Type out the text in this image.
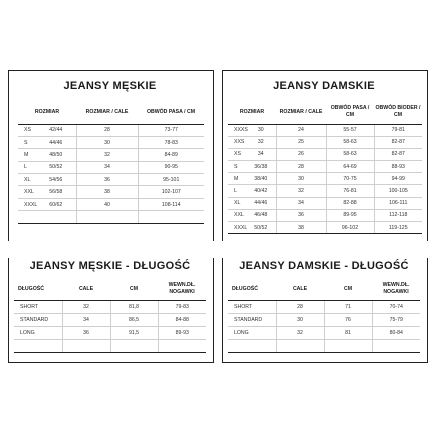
JEANSY MĘSKIE	JEANSY DAMSKIE
JEANSY MĘSKIE - DŁUGOŚĆ	JEANSY DAMSKIE - DŁUGOŚĆ
ROZMIAR	ROZMIAR / CALE	OBWÓD PASA / CM

XS 42/44	28	73-77

S 44/46	30	78-83

M 48/50	32	84-89

L 50/52	34	90-95

XL 54/56	36	95-101

XXL 56/58	38	102-107

XXXL 60/62	40	108-114

ROZMIAR	ROZMIAR / CALE	OBWÓD PASA / CM	OBWÓD BIODER / CM

XXXS 30	24	55-57	79-81

XXS 32	25	58-63	82-87

XS 34	26	58-63	82-87

S 36/38	28	64-69	88-93

M 38/40	30	70-75	94-99

L 40/42	32	76-81	100-105

XL 44/46	34	82-88	106-111

XXL 46/48	36	89-95	112-118

XXXL 50/52	38	96-102	119-125
DŁUGOŚĆ	CALE	CM	WEWN.DŁ. NOGAWKI
SHORT	32	81,8	79-83
STANDARD	34	86,5	84-88
LONG	36	91,5	89-93

DŁUGOŚĆ	CALE	CM	WEWN.DŁ. NOGAWKI
SHORT	28	71	70-74
STANDARD	30	76	75-79
LONG	32	81	80-84
